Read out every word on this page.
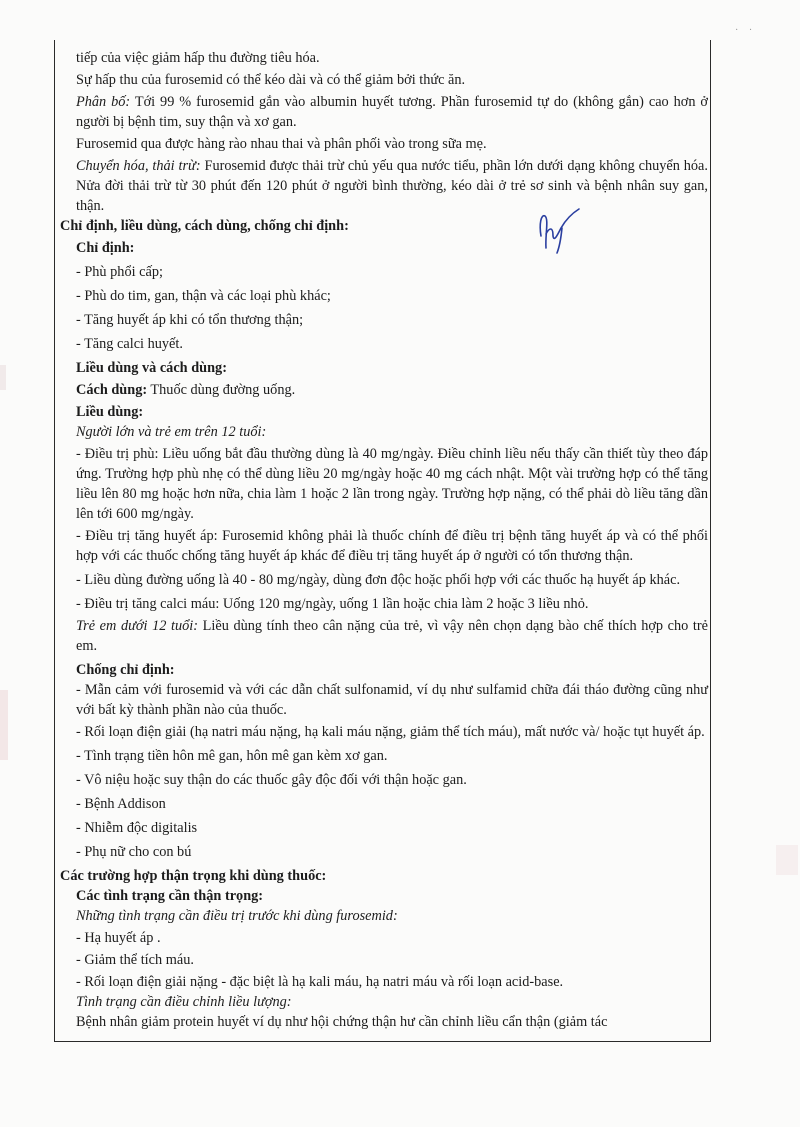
· ·

tiếp của việc giảm hấp thu đường tiêu hóa.

Sự hấp thu của furosemid có thể kéo dài và có thể giảm bởi thức ăn.

Phân bố: Tới 99 % furosemid gắn vào albumin huyết tương. Phần furosemid tự do (không gắn) cao hơn ở người bị bệnh tim, suy thận và xơ gan.

Furosemid qua được hàng rào nhau thai và phân phối vào trong sữa mẹ.

Chuyển hóa, thải trừ: Furosemid được thải trừ chủ yếu qua nước tiểu, phần lớn dưới dạng không chuyển hóa. Nửa đời thải trừ từ 30 phút đến 120 phút ở người bình thường, kéo dài ở trẻ sơ sinh và bệnh nhân suy gan, thận.

Chỉ định, liều dùng, cách dùng, chống chỉ định:

Chỉ định:

- Phù phổi cấp;

- Phù do tim, gan, thận và các loại phù khác;

- Tăng huyết áp khi có tổn thương thận;

- Tăng calci huyết.

Liều dùng và cách dùng:

Cách dùng: Thuốc dùng đường uống.

Liều dùng:

Người lớn và trẻ em trên 12 tuổi:

- Điều trị phù: Liều uống bắt đầu thường dùng là 40 mg/ngày. Điều chỉnh liều nếu thấy cần thiết tùy theo đáp ứng. Trường hợp phù nhẹ có thể dùng liều 20 mg/ngày hoặc 40 mg cách nhật. Một vài trường hợp có thể tăng liều lên 80 mg hoặc hơn nữa, chia làm 1 hoặc 2 lần trong ngày. Trường hợp nặng, có thể phải dò liều tăng dần lên tới 600 mg/ngày.

- Điều trị tăng huyết áp: Furosemid không phải là thuốc chính để điều trị bệnh tăng huyết áp và có thể phối hợp với các thuốc chống tăng huyết áp khác để điều trị tăng huyết áp ở người có tổn thương thận.

- Liều dùng đường uống là 40 - 80 mg/ngày, dùng đơn độc hoặc phối hợp với các thuốc hạ huyết áp khác.

- Điều trị tăng calci máu: Uống 120 mg/ngày, uống 1 lần hoặc chia làm 2 hoặc 3 liều nhỏ.

Trẻ em dưới 12 tuổi: Liều dùng tính theo cân nặng của trẻ, vì vậy nên chọn dạng bào chế thích hợp cho trẻ em.

Chống chỉ định:

- Mẫn cảm với furosemid và với các dẫn chất sulfonamid, ví dụ như sulfamid chữa đái tháo đường cũng như với bất kỳ thành phần nào của thuốc.

- Rối loạn điện giải (hạ natri máu nặng, hạ kali máu nặng, giảm thể tích máu), mất nước và/ hoặc tụt huyết áp.

- Tình trạng tiền hôn mê gan, hôn mê gan kèm xơ gan.

- Vô niệu hoặc suy thận do các thuốc gây độc đối với thận hoặc gan.

- Bệnh Addison

- Nhiễm độc digitalis

- Phụ nữ cho con bú

Các trường hợp thận trọng khi dùng thuốc:

Các tình trạng cần thận trọng:

Những tình trạng cần điều trị trước khi dùng furosemid:

- Hạ huyết áp .

- Giảm thể tích máu.

- Rối loạn điện giải nặng - đặc biệt là hạ kali máu, hạ natri máu và rối loạn acid-base.

Tình trạng cần điều chỉnh liều lượng:

Bệnh nhân giảm protein huyết ví dụ như hội chứng thận hư cần chỉnh liều cẩn thận (giảm tác
